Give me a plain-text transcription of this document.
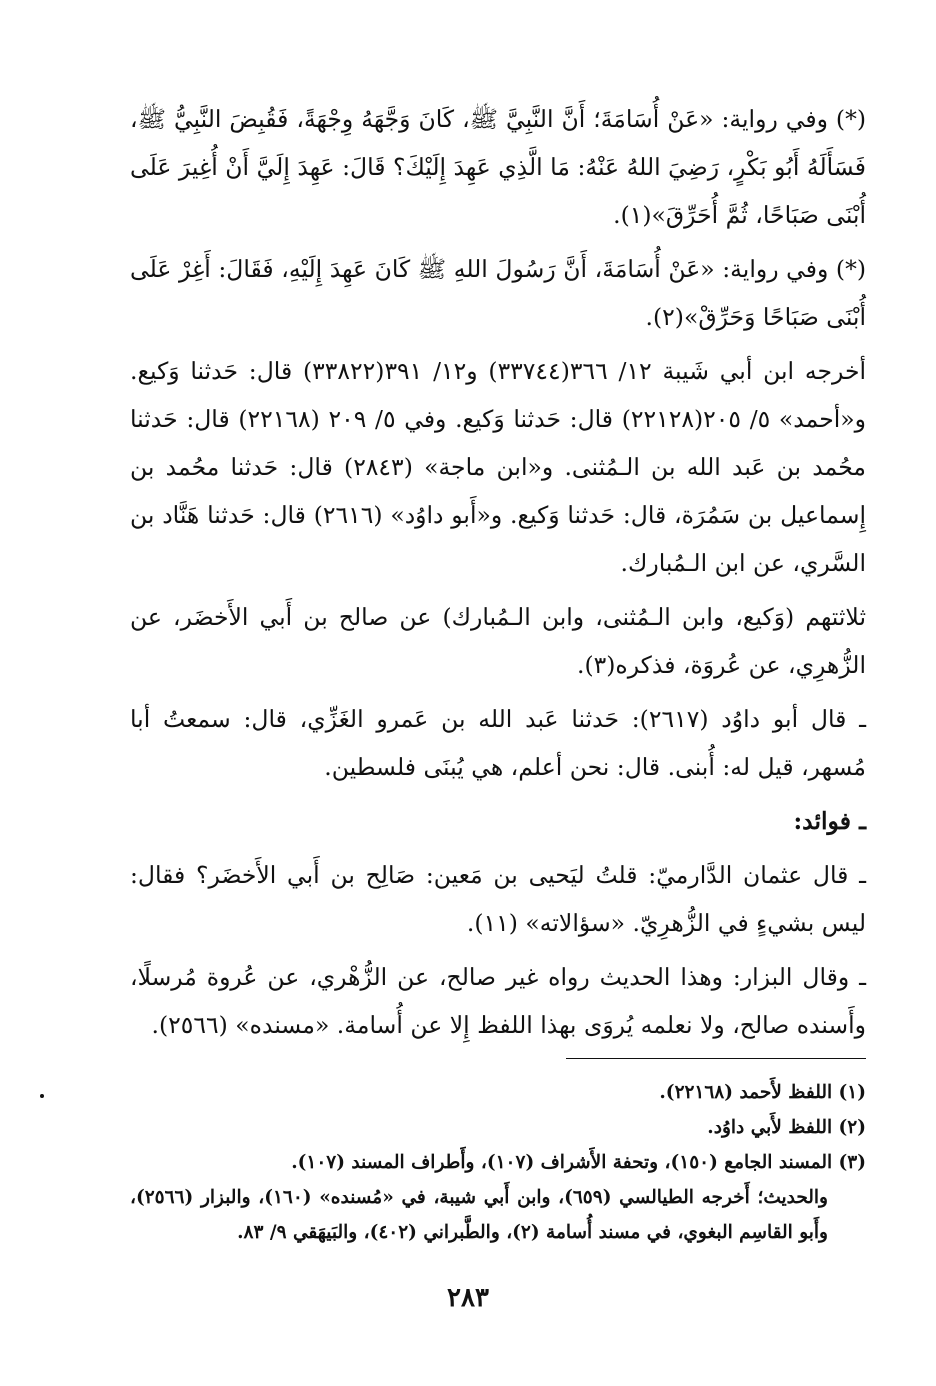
(*) وفي رواية: «عَنْ أُسَامَةَ؛ أَنَّ النَّبِيَّ ﷺ، كَانَ وَجَّهَهُ وِجْهَةً، فَقُبِضَ النَّبِيُّ ﷺ، فَسَأَلَهُ أَبُو بَكْرٍ، رَضِيَ اللهُ عَنْهُ: مَا الَّذِي عَهِدَ إِلَيْكَ؟ قَالَ: عَهِدَ إِلَيَّ أَنْ أُغِيرَ عَلَى أُبْنَى صَبَاحًا، ثُمَّ أُحَرِّقَ»(١).

(*) وفي رواية: «عَنْ أُسَامَةَ، أَنَّ رَسُولَ اللهِ ﷺ كَانَ عَهِدَ إِلَيْهِ، فَقَالَ: أَغِرْ عَلَى أُبْنَى صَبَاحًا وَحَرِّقْ»(٢).

أخرجه ابن أبي شَيبة ١٢/ ٣٦٦(٣٣٧٤٤) و١٢/ ٣٩١(٣٣٨٢٢) قال: حَدثنا وَكيع. و«أحمد» ٥/ ٢٠٥(٢٢١٢٨) قال: حَدثنا وَكيع. وفي ٥/ ٢٠٩ (٢٢١٦٨) قال: حَدثنا محُمد بن عَبد الله بن الـمُثنى. و«ابن ماجة» (٢٨٤٣) قال: حَدثنا محُمد بن إِسماعيل بن سَمُرَة، قال: حَدثنا وَكيع. و«أَبو داوُد» (٢٦١٦) قال: حَدثنا هَنَّاد بن السَّري، عن ابن الـمُبارك.

ثلاثتهم (وَكيع، وابن الـمُثنى، وابن الـمُبارك) عن صالح بن أَبي الأَخضَر، عن الزُّهرِي، عن عُروَة، فذكره(٣).

ـ قال أبو داوُد (٢٦١٧): حَدثنا عَبد الله بن عَمرو الغَزِّي، قال: سمعتُ أبا مُسهر، قيل له: أُبنى. قال: نحن أعلم، هي يُبنَى فلسطين.

ـ فوائد:

ـ قال عثمان الدَّارميّ: قلتُ ليَحيى بن مَعين: صَالِح بن أَبي الأَخضَر؟ فقال: ليس بشيءٍ في الزُّهرِيّ. «سؤالاته» (١١).

ـ وقال البزار: وهذا الحديث رواه غير صالح، عن الزُّهْري، عن عُروة مُرسلًا، وأَسنده صالح، ولا نعلمه يُروَى بهذا اللفظ إِلا عن أُسامة. «مسنده» (٢٥٦٦).

(١) اللفظ لأَحمد (٢٢١٦٨).

(٢) اللفظ لأَبي داوُد.

(٣) المسند الجامع (١٥٠)، وتحفة الأَشراف (١٠٧)، وأَطراف المسند (١٠٧).

والحديث؛ أَخرجه الطيالسي (٦٥٩)، وابن أَبي شيبة، في «مُسنده» (١٦٠)، والبزار (٢٥٦٦)، وأَبو القاسِم البغوي، في مسند أُسامة (٢)، والطَّبراني (٤٠٢)، والبَيهَقي ٩/ ٨٣.

٢٨٣
